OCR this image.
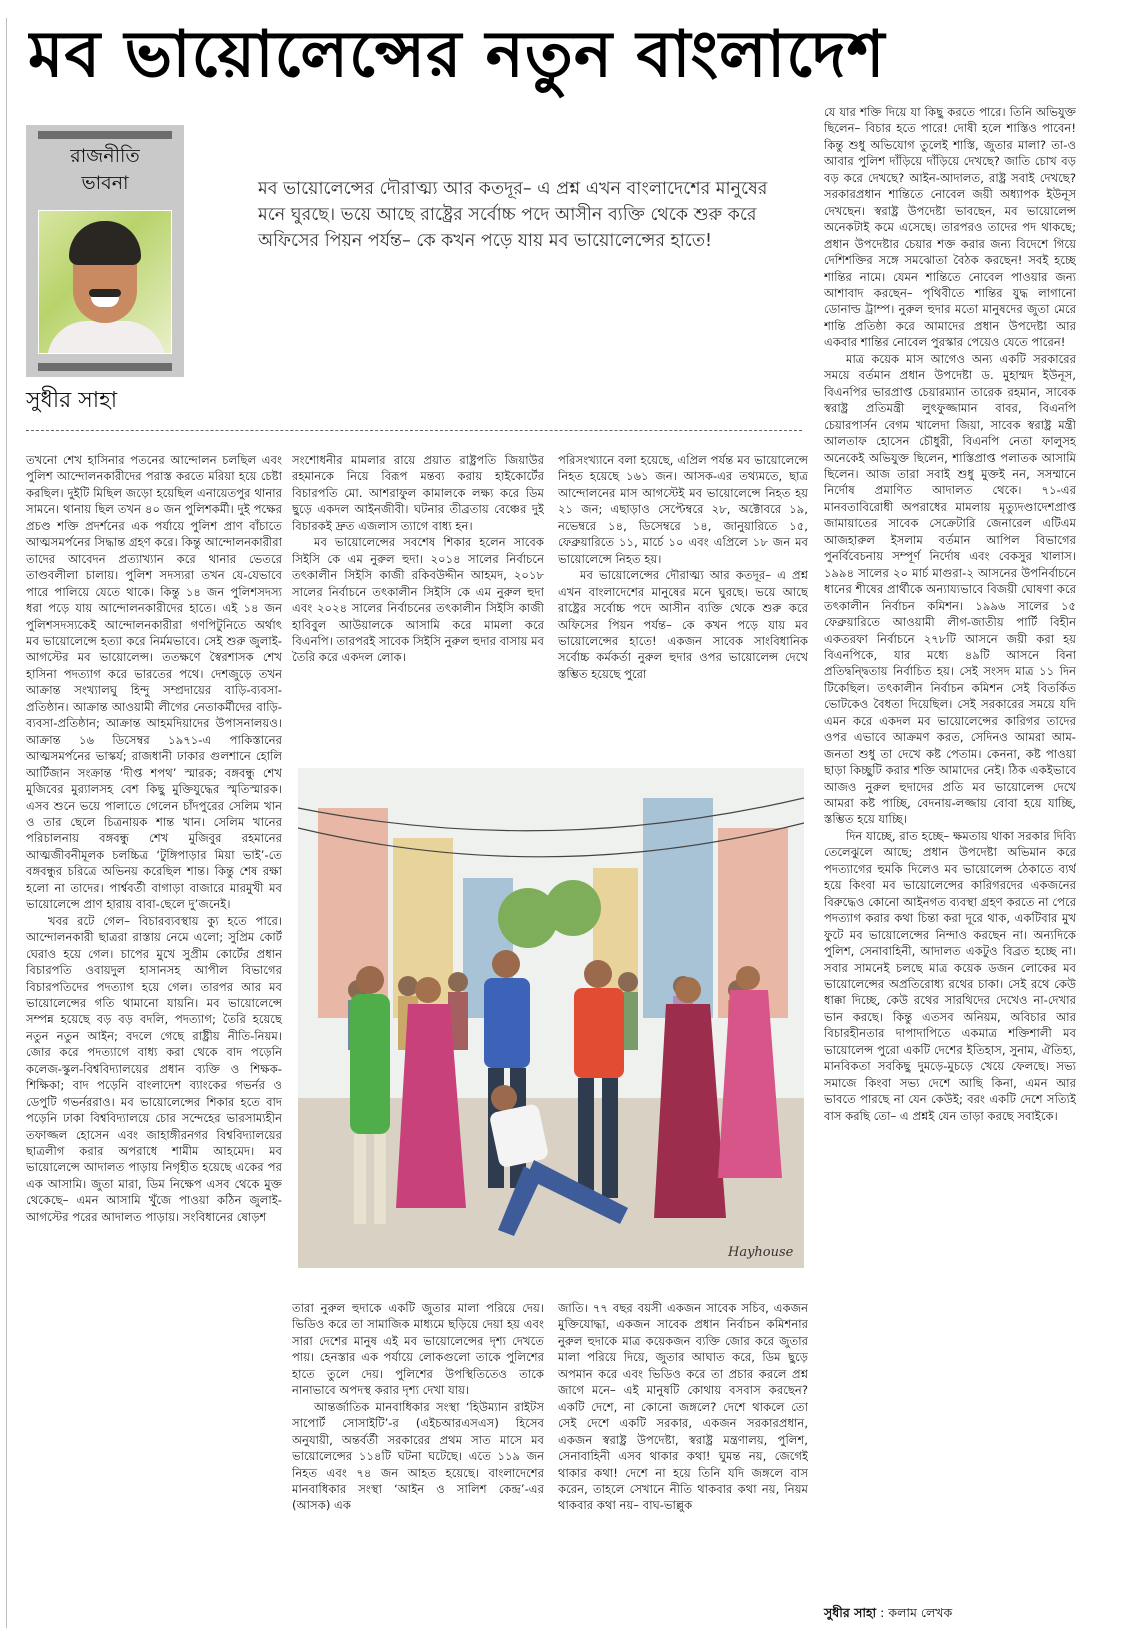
মব ভায়োলেন্সের নতুন বাংলাদেশ
রাজনীতি
ভাবনা	মব ভায়োলেন্সের দৌরাত্ম্য আর কতদূর– এ প্রশ্ন এখন বাংলাদেশের মানুষের মনে ঘুরছে। ভয়ে আছে রাষ্ট্রের সর্বোচ্চ পদে আসীন ব্যক্তি থেকে শুরু করে অফিসের পিয়ন পর্যন্ত– কে কখন পড়ে যায় মব ভায়োলেন্সের হাতে!
সুধীর সাহা

তখনো শেখ হাসিনার পতনের আন্দোলন চলছিল এবং পুলিশ আন্দোলনকারীদের পরাস্ত করতে মরিয়া হয়ে চেষ্টা করছিল। দুইটি মিছিল জড়ো হয়েছিল এনায়েতপুর থানার সামনে। থানায় ছিল তখন ৪০ জন পুলিশকর্মী। দুই পক্ষের প্রচণ্ড শক্তি প্রদর্শনের এক পর্যায়ে পুলিশ প্রাণ বাঁচাতে আত্মসমর্পনের সিদ্ধান্ত গ্রহণ করে। কিন্তু আন্দোলনকারীরা তাদের আবেদন প্রত্যাখ্যান করে থানার ভেতরে তাণ্ডবলীলা চালায়। পুলিশ সদস্যরা তখন যে-যেভাবে পারে পালিয়ে যেতে থাকে। কিন্তু ১৪ জন পুলিশসদস্য ধরা পড়ে যায় আন্দোলনকারীদের হাতে। এই ১৪ জন পুলিশসদস্যকেই আন্দোলনকারীরা গণপিটুনিতে অর্থাৎ মব ভায়োলেন্সে হত্যা করে নির্মমভাবে। সেই শুরু জুলাই-আগস্টের মব ভায়োলেন্স। ততক্ষণে স্বৈরশাসক শেখ হাসিনা পদত্যাগ করে ভারতের পথে। দেশজুড়ে তখন আক্রান্ত সংখ্যালঘু হিন্দু সম্প্রদায়ের বাড়ি-ব্যবসা-প্রতিষ্ঠান। আক্রান্ত আওয়ামী লীগের নেতাকর্মীদের বাড়ি-ব্যবসা-প্রতিষ্ঠান; আক্রান্ত আহমদিয়াদের উপাসনালয়ও। আক্রান্ত ১৬ ডিসেম্বর ১৯৭১-এ পাকিস্তানের আত্মসমর্পনের ভাস্কর্য; রাজধানী ঢাকার গুলশানে হোলি আর্টিজান সংক্রান্ত ‘দীপ্ত শপথ’ স্মারক; বঙ্গবন্ধু শেখ মুজিবের মুর‍্যালসহ বেশ কিছু মুক্তিযুদ্ধের স্মৃতিস্মারক। এসব শুনে ভয়ে পালাতে গেলেন চাঁদপুরের সেলিম খান ও তার ছেলে চিত্রনায়ক শান্ত খান। সেলিম খানের পরিচালনায় বঙ্গবন্ধু শেখ মুজিবুর রহমানের আত্মজীবনীমূলক চলচ্চিত্র ‘টুঙ্গিপাড়ার মিয়া ভাই’-তে বঙ্গবন্ধুর চরিত্রে অভিনয় করেছিল শান্ত। কিন্তু শেষ রক্ষা হলো না তাদের। পার্শ্ববর্তী বাগাড়া বাজারে মারমুখী মব ভায়োলেন্সে প্রাণ হারায় বাবা-ছেলে দু’জনেই।

খবর রটে গেল– বিচারব্যবস্থায় ক্যু হতে পারে। আন্দোলনকারী ছাত্ররা রাস্তায় নেমে এলো; সুপ্রিম কোর্ট ঘেরাও হয়ে গেল। চাপের মুখে সুপ্রীম কোর্টের প্রধান বিচারপতি ওবায়দুল হাসানসহ আপীল বিভাগের বিচারপতিদের পদত্যাগ হয়ে গেল। তারপর আর মব ভায়োলেন্সের গতি থামানো যায়নি। মব ভায়োলেন্সে সম্পন্ন হয়েছে বড় বড় বদলি, পদত্যাগ; তৈরি হয়েছে নতুন নতুন আইন; বদলে গেছে রাষ্ট্রীয় নীতি-নিয়ম। জোর করে পদত্যাগে বাধ্য করা থেকে বাদ পড়েনি কলেজ-স্কুল-বিশ্ববিদ্যালয়ের প্রধান ব্যক্তি ও শিক্ষক-শিক্ষিকা; বাদ পড়েনি বাংলাদেশ ব্যাংকের গভর্নর ও ডেপুটি গভর্নররাও। মব ভায়োলেন্সের শিকার হতে বাদ পড়েনি ঢাকা বিশ্ববিদ্যালয়ে চোর সন্দেহের ভারসাম্যহীন তফাজ্জল হোসেন এবং জাহাঙ্গীরনগর বিশ্ববিদ্যালয়ের ছাত্রলীগ করার অপরাধে শামীম আহমেদ। মব ভায়োলেন্সে আদালত পাড়ায় নিগৃহীত হয়েছে একের পর এক আসামি। জুতা মারা, ডিম নিক্ষেপ এসব থেকে মুক্ত থেকেছে– এমন আসামি খুঁজে পাওয়া কঠিন জুলাই-আগস্টের পরের আদালত পাড়ায়। সংবিধানের ষোড়শ

সংশোধনীর মামলার রায়ে প্রয়াত রাষ্ট্রপতি জিয়াউর রহমানকে নিয়ে বিরূপ মন্তব্য করায় হাইকোর্টের বিচারপতি মো. আশরাফুল কামালকে লক্ষ্য করে ডিম ছুড়ে একদল আইনজীবী। ঘটনার তীব্রতায় বেঞ্চের দুই বিচারকই দ্রুত এজলাস ত্যাগে বাধ্য হন।

মব ভায়োলেন্সের সবশেষ শিকার হলেন সাবেক সিইসি কে এম নুরুল হুদা। ২০১৪ সালের নির্বাচনে তৎকালীন সিইসি কাজী রকিবউদ্দীন আহমদ, ২০১৮ সালের নির্বাচনে তৎকালীন সিইসি কে এম নুরুল হুদা এবং ২০২৪ সালের নির্বাচনের তৎকালীন সিইসি কাজী হাবিবুল আউয়ালকে আসামি করে মামলা করে বিএনপি। তারপরই সাবেক সিইসি নুরুল হুদার বাসায় মব তৈরি করে একদল লোক।

পরিসংখ্যানে বলা হয়েছে, এপ্রিল পর্যন্ত মব ভায়োলেন্সে নিহত হয়েছে ১৬১ জন। আসক-এর তথ্যমতে, ছাত্র আন্দোলনের মাস আগস্টেই মব ভায়োলেন্সে নিহত হয় ২১ জন; এছাড়াও সেপ্টেম্বরে ২৮, অক্টোবরে ১৯, নভেম্বরে ১৪, ডিসেম্বরে ১৪, জানুয়ারিতে ১৫, ফেব্রুয়ারিতে ১১, মার্চে ১০ এবং এপ্রিলে ১৮ জন মব ভায়োলেন্সে নিহত হয়।

মব ভায়োলেন্সের দৌরাত্ম্য আর কতদূর– এ প্রশ্ন এখন বাংলাদেশের মানুষের মনে ঘুরছে। ভয়ে আছে রাষ্ট্রের সর্বোচ্চ পদে আসীন ব্যক্তি থেকে শুরু করে অফিসের পিয়ন পর্যন্ত– কে কখন পড়ে যায় মব ভায়োলেন্সের হাতে! একজন সাবেক সাংবিধানিক সর্বোচ্চ কর্মকর্তা নুরুল হুদার ওপর ভায়োলেন্স দেখে স্তম্ভিত হয়েছে পুরো

Hayhouse

তারা নুরুল হুদাকে একটি জুতার মালা পরিয়ে দেয়। ভিডিও করে তা সামাজিক মাধ্যমে ছড়িয়ে দেয়া হয় এবং সারা দেশের মানুষ এই মব ভায়োলেন্সের দৃশ্য দেখতে পায়। হেনস্তার এক পর্যায়ে লোকগুলো তাকে পুলিশের হাতে তুলে দেয়। পুলিশের উপস্থিতিতেও তাকে নানাভাবে অপদস্থ করার দৃশ্য দেখা যায়।

আন্তর্জাতিক মানবাধিকার সংস্থা ‘হিউম্যান রাইটস সাপোর্ট সোসাইটি’-র (এইচআরএসএস) হিসেব অনুযায়ী, অন্তর্বর্তী সরকারের প্রথম সাত মাসে মব ভায়োলেন্সের ১১৪টি ঘটনা ঘটেছে। এতে ১১৯ জন নিহত এবং ৭৪ জন আহত হয়েছে। বাংলাদেশের মানবাধিকার সংস্থা ‘আইন ও সালিশ কেন্দ্র’-এর (আসক) এক

জাতি। ৭৭ বছর বয়সী একজন সাবেক সচিব, একজন মুক্তিযোদ্ধা, একজন সাবেক প্রধান নির্বাচন কমিশনার নুরুল হুদাকে মাত্র কয়েকজন ব্যক্তি জোর করে জুতার মালা পরিয়ে দিয়ে, জুতার আঘাত করে, ডিম ছুড়ে অপমান করে এবং ভিডিও করে তা প্রচার করলে প্রশ্ন জাগে মনে– এই মানুষটি কোথায় বসবাস করছেন? একটি দেশে, না কোনো জঙ্গলে? দেশে থাকলে তো সেই দেশে একটি সরকার, একজন সরকারপ্রধান, একজন স্বরাষ্ট্র উপদেষ্টা, স্বরাষ্ট্র মন্ত্রণালয়, পুলিশ, সেনাবাহিনী এসব থাকার কথা! ঘুমন্ত নয়, জেগেই থাকার কথা! দেশে না হয়ে তিনি যদি জঙ্গলে বাস করেন, তাহলে সেখানে নীতি থাকবার কথা নয়, নিয়ম থাকবার কথা নয়– বাঘ-ভাল্লুক

যে যার শক্তি দিয়ে যা কিছু করতে পারে। তিনি অভিযুক্ত ছিলেন– বিচার হতে পারে! দোষী হলে শাস্তিও পাবেন! কিন্তু শুধু অভিযোগ তুলেই শাস্তি, জুতার মালা? তা-ও আবার পুলিশ দাঁড়িয়ে দাঁড়িয়ে দেখছে? জাতি চোখ বড় বড় করে দেখছে? আইন-আদালত, রাষ্ট্র সবাই দেখছে? সরকারপ্রধান শান্তিতে নোবেল জয়ী অধ্যাপক ইউনূস দেখছেন। স্বরাষ্ট্র উপদেষ্টা ভাবছেন, মব ভায়োলেন্স অনেকটাই কমে এসেছে। তারপরও তাদের পদ থাকছে; প্রধান উপদেষ্টার চেয়ার শক্ত করার জন্য বিদেশে গিয়ে দেশিশক্তির সঙ্গে সমঝোতা বৈঠক করছেন! সবই হচ্ছে শান্তির নামে। যেমন শান্তিতে নোবেল পাওয়ার জন্য আশাবাদ করছেন– পৃথিবীতে শান্তির যুদ্ধ লাগানো ডোনাল্ড ট্রাম্প। নুরুল হুদার মতো মানুষদের জুতা মেরে শান্তি প্রতিষ্ঠা করে আমাদের প্রধান উপদেষ্টা আর একবার শান্তির নোবেল পুরস্কার পেয়েও যেতে পারেন!

মাত্র কয়েক মাস আগেও অন্য একটি সরকারের সময়ে বর্তমান প্রধান উপদেষ্টা ড. মুহাম্মদ ইউনূস, বিএনপির ভারপ্রাপ্ত চেয়ারম্যান তারেক রহমান, সাবেক স্বরাষ্ট্র প্রতিমন্ত্রী লুৎফুজ্জামান বাবর, বিএনপি চেয়ারপার্সন বেগম খালেদা জিয়া, সাবেক স্বরাষ্ট্র মন্ত্রী আলতাফ হোসেন চৌধুরী, বিএনপি নেতা ফালুসহ অনেকেই অভিযুক্ত ছিলেন, শাস্তিপ্রাপ্ত পলাতক আসামি ছিলেন। আজ তারা সবাই শুধু মুক্তই নন, সসম্মানে নির্দোষ প্রমাণিত আদালত থেকে। ৭১-এর মানবতাবিরোধী অপরাধের মামলায় মৃত্যুদণ্ডাদেশপ্রাপ্ত জামায়াতের সাবেক সেক্রেটারি জেনারেল এটিএম আজহারুল ইসলাম বর্তমান আপিল বিভাগের পুনর্বিবেচনায় সম্পূর্ণ নির্দোষ এবং বেকসুর খালাস। ১৯৯৪ সালের ২০ মার্চ মাগুরা-২ আসনের উপনির্বাচনে ধানের শীষের প্রার্থীকে অন্যায্যভাবে বিজয়ী ঘোষণা করে তৎকালীন নির্বাচন কমিশন। ১৯৯৬ সালের ১৫ ফেব্রুয়ারিতে আওয়ামী লীগ-জাতীয় পার্টি বিহীন একতরফা নির্বাচনে ২৭৮টি আসনে জয়ী করা হয় বিএনপিকে, যার মধ্যে ৪৯টি আসনে বিনা প্রতিদ্বন্দ্বিতায় নির্বাচিত হয়। সেই সংসদ মাত্র ১১ দিন টিকেছিল। তৎকালীন নির্বাচন কমিশন সেই বিতর্কিত ভোটকেও বৈধতা দিয়েছিল। সেই সরকারের সময়ে যদি এমন করে একদল মব ভায়োলেন্সের কারিগর তাদের ওপর এভাবে আক্রমণ করত, সেদিনও আমরা আম-জনতা শুধু তা দেখে কষ্ট পেতাম। কেননা, কষ্ট পাওয়া ছাড়া কিচ্ছুটি করার শক্তি আমাদের নেই। ঠিক একইভাবে আজও নুরুল হুদাদের প্রতি মব ভায়োলেন্স দেখে আমরা কষ্ট পাচ্ছি, বেদনায়-লজ্জায় বোবা হয়ে যাচ্ছি, স্তম্ভিত হয়ে যাচ্ছি।

দিন যাচ্ছে, রাত হচ্ছে– ক্ষমতায় থাকা সরকার দিব্যি তেলেঝুলে আছে; প্রধান উপদেষ্টা অভিমান করে পদত্যাগের হুমকি দিলেও মব ভায়োলেন্স ঠেকাতে ব্যর্থ হয়ে কিংবা মব ভায়োলেন্সের কারিগরদের একজনের বিরুদ্ধেও কোনো আইনগত ব্যবস্থা গ্রহণ করতে না পেরে পদত্যাগ করার কথা চিন্তা করা দূরে থাক, একটিবার মুখ ফুটে মব ভায়োলেন্সের নিন্দাও করছেন না। অন্যদিকে পুলিশ, সেনাবাহিনী, আদালত একটুও বিব্রত হচ্ছে না। সবার সামনেই চলছে মাত্র কয়েক ডজন লোকের মব ভায়োলেন্সের অপ্রতিরোধ্য রথের চাকা। সেই রথে কেউ ধাক্কা দিচ্ছে, কেউ রথের সারথিদের দেখেও না-দেখার ভান করছে। কিন্তু এতসব অনিয়ম, অবিচার আর বিচারহীনতার দাপাদাপিতে একমাত্র শক্তিশালী মব ভায়োলেন্স পুরো একটি দেশের ইতিহাস, সুনাম, ঐতিহ্য, মানবিকতা সবকিছু দুমড়ে-মুচড়ে খেয়ে ফেলছে। সভ্য সমাজে কিংবা সভ্য দেশে আছি কিনা, এমন আর ভাবতে পারছে না যেন কেউই; বরং একটি দেশে সত্যিই বাস করছি তো– এ প্রশ্নই যেন তাড়া করছে সবাইকে।

সুধীর সাহা : কলাম লেখক
